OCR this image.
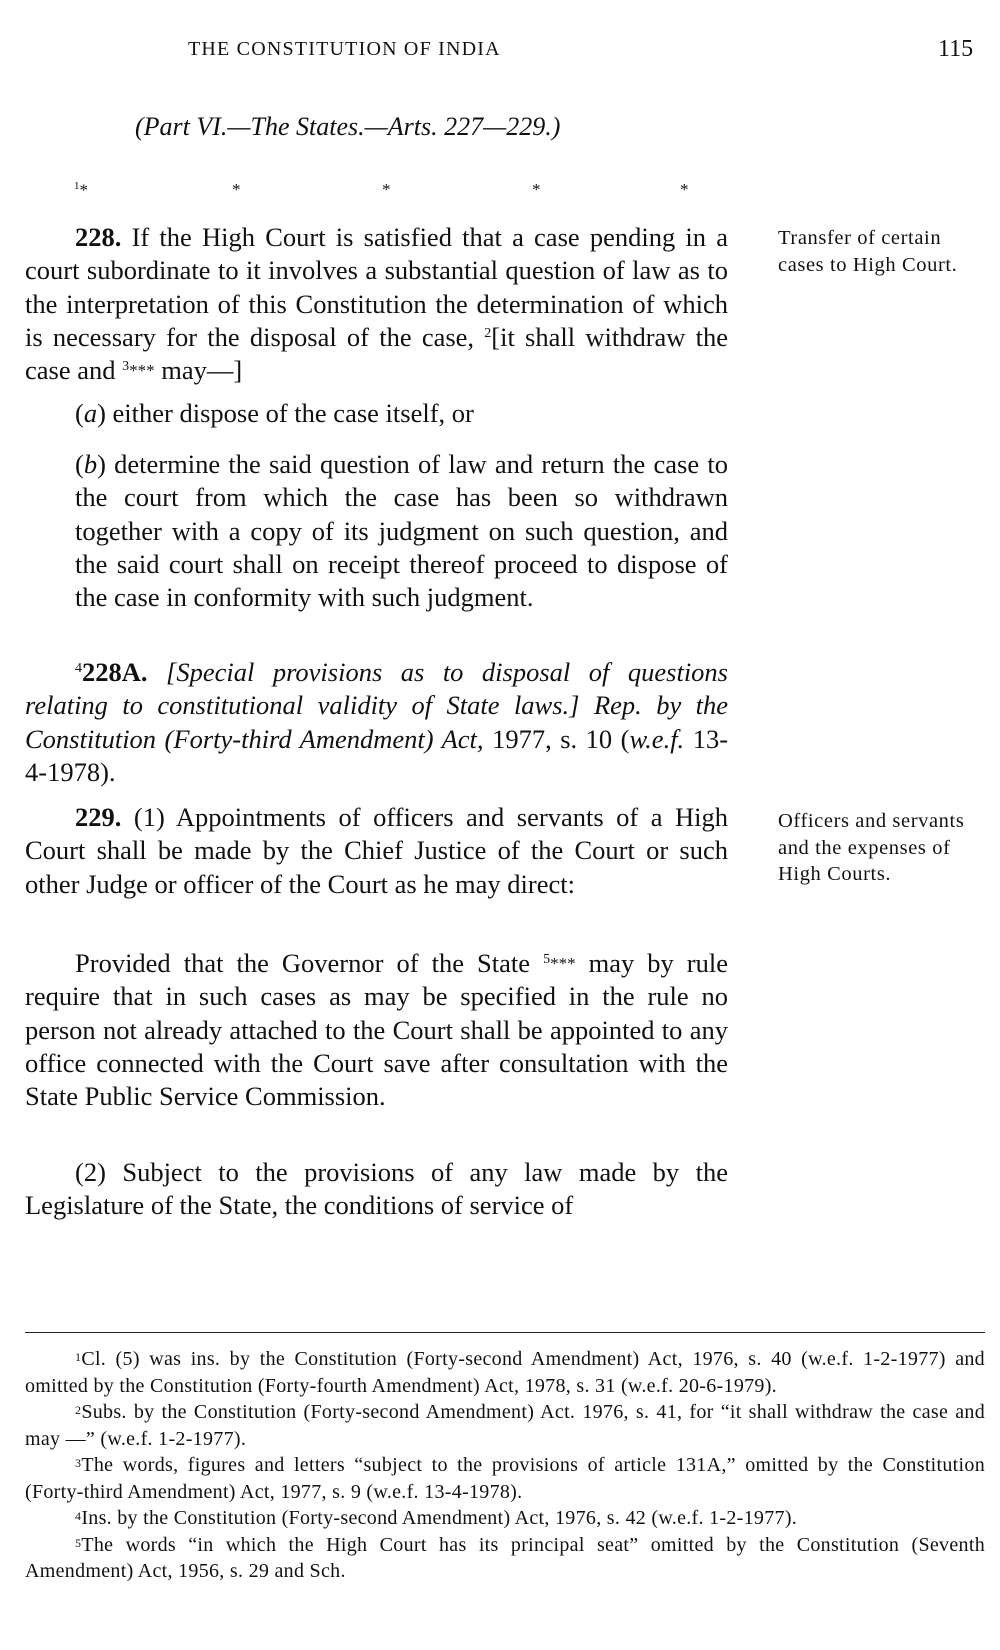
THE CONSTITUTION OF INDIA	115
(Part VI.—The States.—Arts. 227—229.)
$^1$*	*	*	*	*

228. If the High Court is satisfied that a case pending in a court subordinate to it involves a substantial question of law as to the interpretation of this Constitution the determination of which is necessary for the disposal of the case, $^2$[it shall withdraw the case and $^{3***}$ may—]

(a) either dispose of the case itself, or

(b) determine the said question of law and return the case to the court from which the case has been so withdrawn together with a copy of its judgment on such question, and the said court shall on receipt thereof proceed to dispose of the case in conformity with such judgment.

Transfer of certain cases to High Court.

$^4$228A. [Special provisions as to disposal of questions relating to constitutional validity of State laws.] Rep. by the Constitution (Forty-third Amendment) Act, 1977, s. 10 (w.e.f. 13-4-1978).

229. (1) Appointments of officers and servants of a High Court shall be made by the Chief Justice of the Court or such other Judge or officer of the Court as he may direct:

Provided that the Governor of the State $^{5***}$ may by rule require that in such cases as may be specified in the rule no person not already attached to the Court shall be appointed to any office connected with the Court save after consultation with the State Public Service Commission.

(2) Subject to the provisions of any law made by the Legislature of the State, the conditions of service of

Officers and servants and the expenses of High Courts.

$^1$Cl. (5) was ins. by the Constitution (Forty-second Amendment) Act, 1976, s. 40 (w.e.f. 1-2-1977) and omitted by the Constitution (Forty-fourth Amendment) Act, 1978, s. 31 (w.e.f. 20-6-1979).

$^2$Subs. by the Constitution (Forty-second Amendment) Act. 1976, s. 41, for “it shall withdraw the case and may —” (w.e.f. 1-2-1977).

$^3$The words, figures and letters “subject to the provisions of article 131A,” omitted by the Constitution (Forty-third Amendment) Act, 1977, s. 9 (w.e.f. 13-4-1978).

$^4$Ins. by the Constitution (Forty-second Amendment) Act, 1976, s. 42 (w.e.f. 1-2-1977).

$^5$The words “in which the High Court has its principal seat” omitted by the Constitution (Seventh Amendment) Act, 1956, s. 29 and Sch.
